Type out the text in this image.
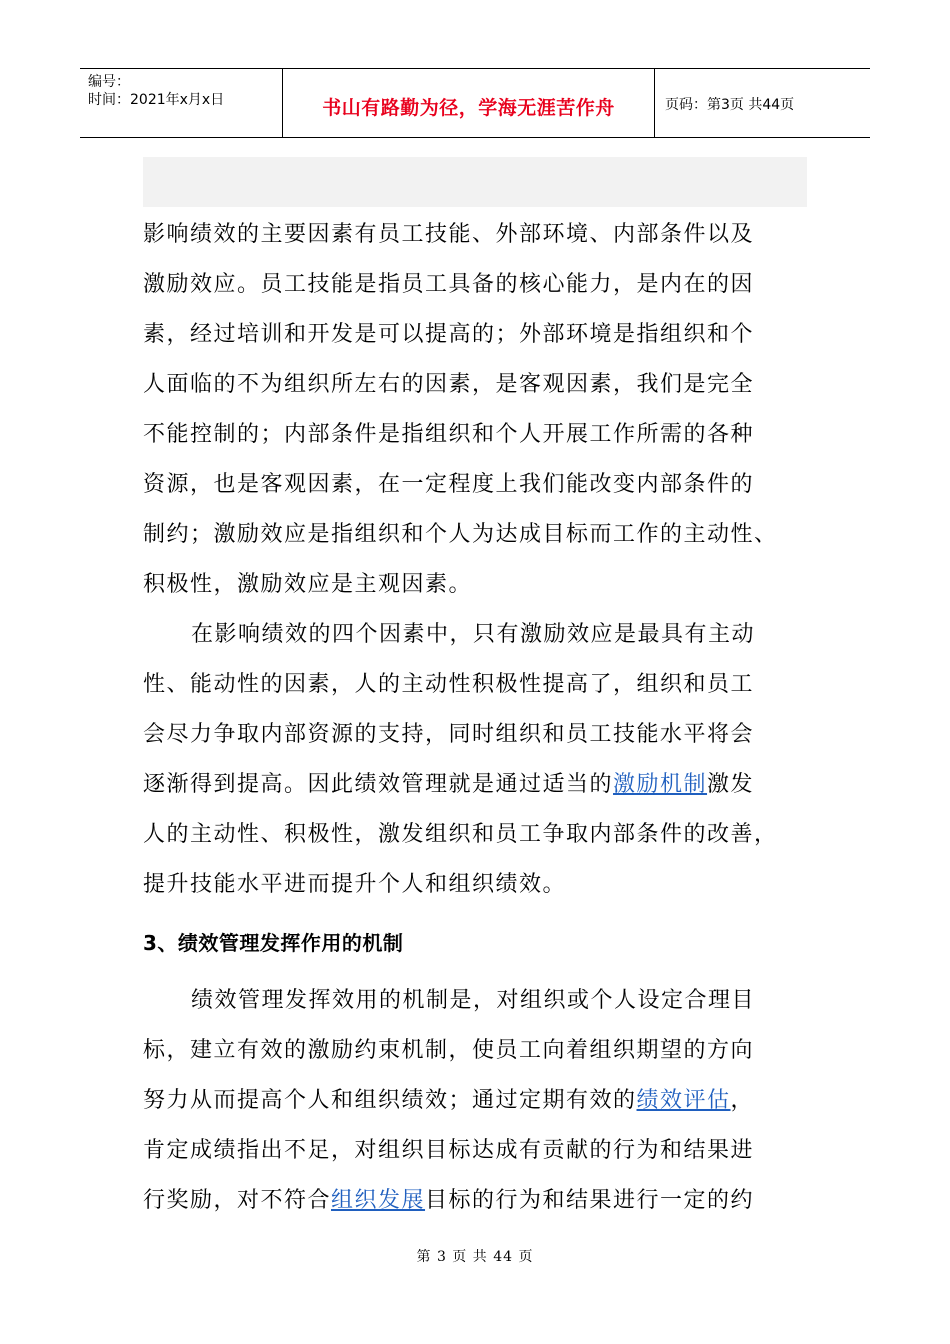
编号：
时间：2021年x月x日	书山有路勤为径，学海无涯苦作舟	页码：第3页 共44页
影响绩效的主要因素有员工技能、外部环境、内部条件以及
激励效应。员工技能是指员工具备的核心能力，是内在的因
素，经过培训和开发是可以提高的；外部环境是指组织和个
人面临的不为组织所左右的因素，是客观因素，我们是完全
不能控制的；内部条件是指组织和个人开展工作所需的各种
资源，也是客观因素，在一定程度上我们能改变内部条件的
制约；激励效应是指组织和个人为达成目标而工作的主动性、
积极性，激励效应是主观因素。
在影响绩效的四个因素中，只有激励效应是最具有主动
性、能动性的因素，人的主动性积极性提高了，组织和员工
会尽力争取内部资源的支持，同时组织和员工技能水平将会
逐渐得到提高。因此绩效管理就是通过适当的激励机制激发
人的主动性、积极性，激发组织和员工争取内部条件的改善，
提升技能水平进而提升个人和组织绩效。
3、绩效管理发挥作用的机制
绩效管理发挥效用的机制是，对组织或个人设定合理目
标，建立有效的激励约束机制，使员工向着组织期望的方向
努力从而提高个人和组织绩效；通过定期有效的绩效评估，
肯定成绩指出不足，对组织目标达成有贡献的行为和结果进
行奖励，对不符合组织发展目标的行为和结果进行一定的约
第 3 页 共 44 页
